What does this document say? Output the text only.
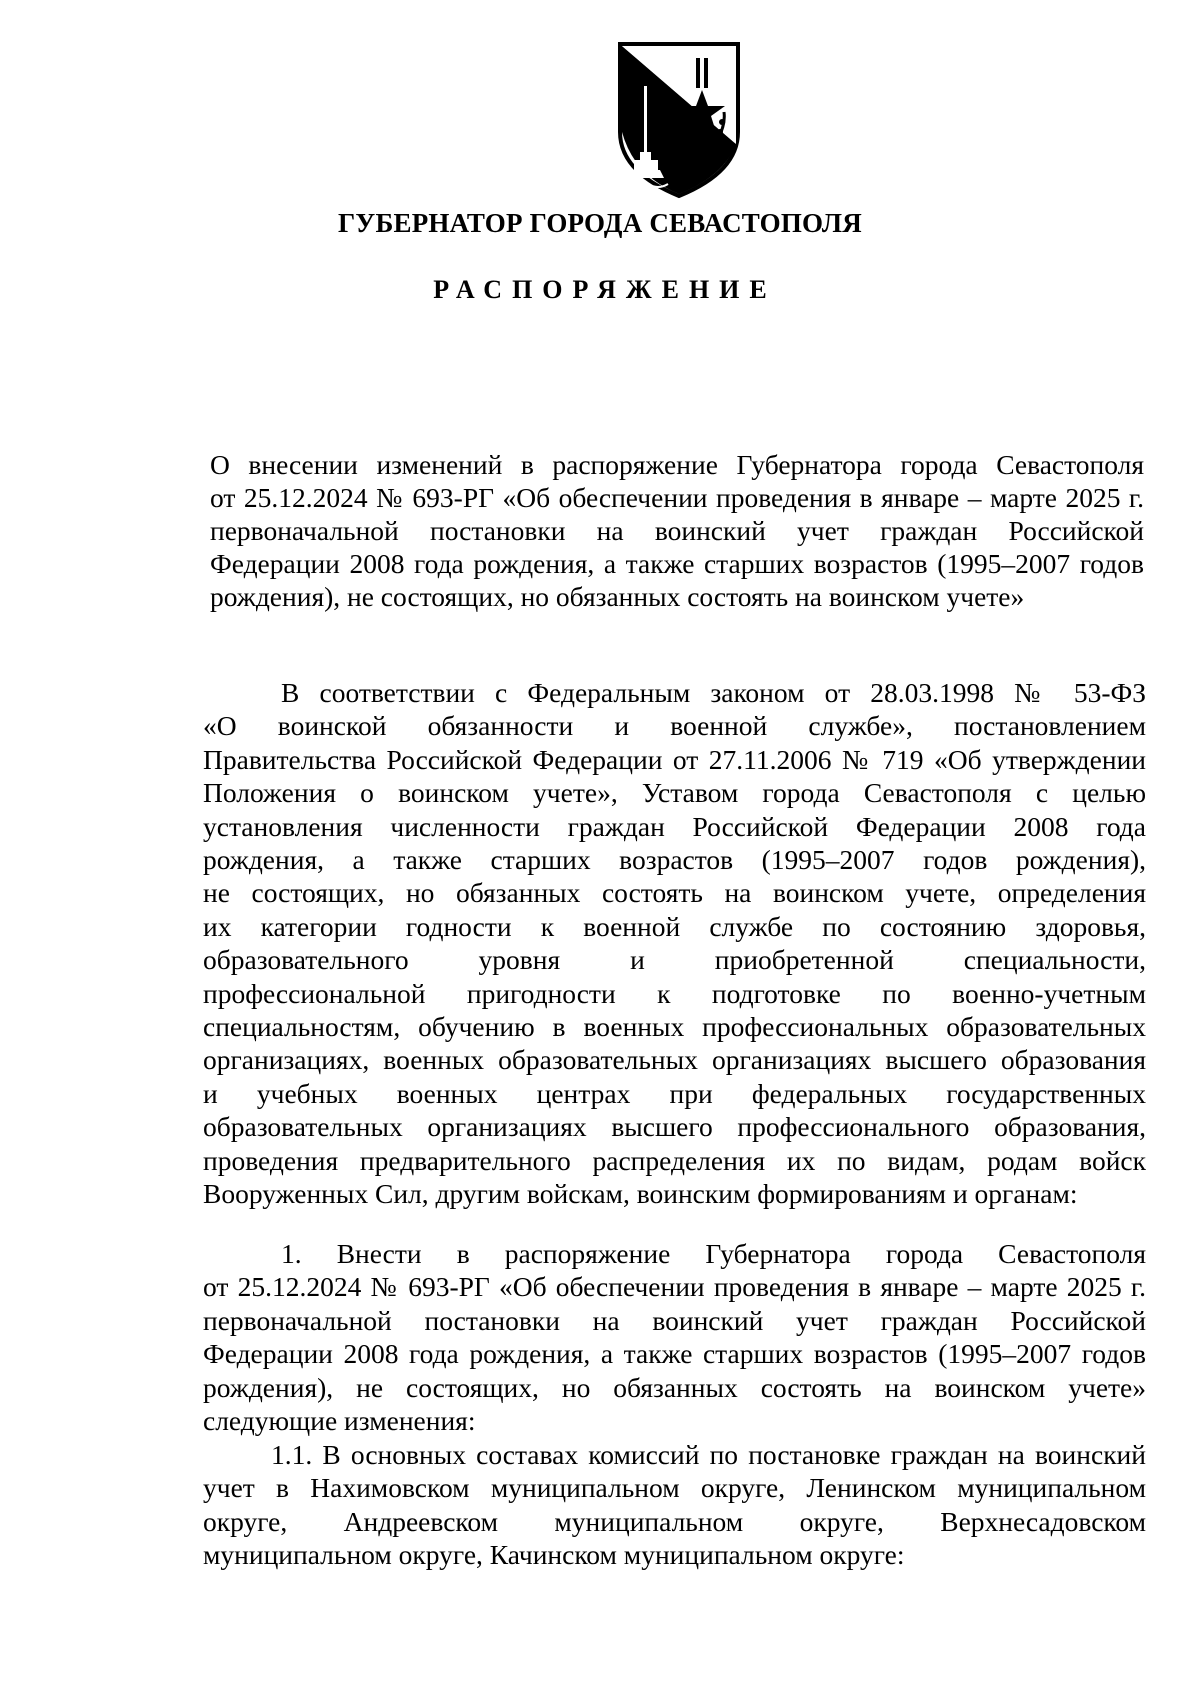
ГУБЕРНАТОР ГОРОДА СЕВАСТОПОЛЯ
РАСПОРЯЖЕНИЕ
О внесении изменений в распоряжение Губернатора города Севастополя
от 25.12.2024 № 693-РГ «Об обеспечении проведения в январе – марте 2025 г.
первоначальной постановки на воинский учет граждан Российской
Федерации 2008 года рождения, а также старших возрастов (1995–2007 годов
рождения), не состоящих, но обязанных состоять на воинском учете»
В соответствии с Федеральным законом от 28.03.1998 № 53-ФЗ
«О воинской обязанности и военной службе», постановлением
Правительства Российской Федерации от 27.11.2006 № 719 «Об утверждении
Положения о воинском учете», Уставом города Севастополя с целью
установления численности граждан Российской Федерации 2008 года
рождения, а также старших возрастов (1995–2007 годов рождения),
не состоящих, но обязанных состоять на воинском учете, определения
их категории годности к военной службе по состоянию здоровья,
образовательного уровня и приобретенной специальности,
профессиональной пригодности к подготовке по военно-учетным
специальностям, обучению в военных профессиональных образовательных
организациях, военных образовательных организациях высшего образования
и учебных военных центрах при федеральных государственных
образовательных организациях высшего профессионального образования,
проведения предварительного распределения их по видам, родам войск
Вооруженных Сил, другим войскам, воинским формированиям и органам:
1. Внести в распоряжение Губернатора города Севастополя
от 25.12.2024 № 693-РГ «Об обеспечении проведения в январе – марте 2025 г.
первоначальной постановки на воинский учет граждан Российской
Федерации 2008 года рождения, а также старших возрастов (1995–2007 годов
рождения), не состоящих, но обязанных состоять на воинском учете»
следующие изменения:
1.1. В основных составах комиссий по постановке граждан на воинский
учет в Нахимовском муниципальном округе, Ленинском муниципальном
округе, Андреевском муниципальном округе, Верхнесадовском
муниципальном округе, Качинском муниципальном округе:
